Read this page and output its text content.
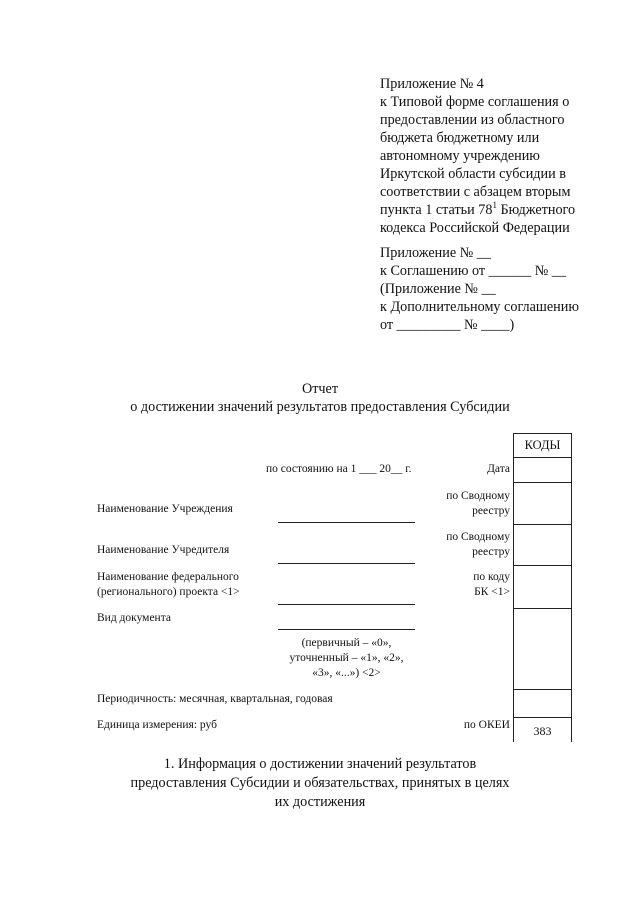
Приложение № 4
к Типовой форме соглашения о
предоставлении из областного
бюджета бюджетному или
автономному учреждению
Иркутской области субсидии в
соответствии с абзацем вторым
пункта 1 статьи $78^1$ Бюджетного
кодекса Российской Федерации
Приложение № __
к Соглашению от ______ № __
(Приложение № __
к Дополнительному соглашению
от _________ № ____)
Отчет
о достижении значений результатов предоставления Субсидии
КОДЫ
383
по состоянию на 1 ___ 20__ г.	Дата
Наименование Учреждения
по Сводному
реестру
Наименование Учредителя
по Сводному
реестру
Наименование федерального
(регионального) проекта <1>
по коду
БК <1>
Вид документа
(первичный – «0»,
уточненный – «1», «2»,
«3», «...») <2>
Периодичность: месячная, квартальная, годовая
Единица измерения: руб	по ОКЕИ
1. Информация о достижении значений результатов
предоставления Субсидии и обязательствах, принятых в целях
их достижения
